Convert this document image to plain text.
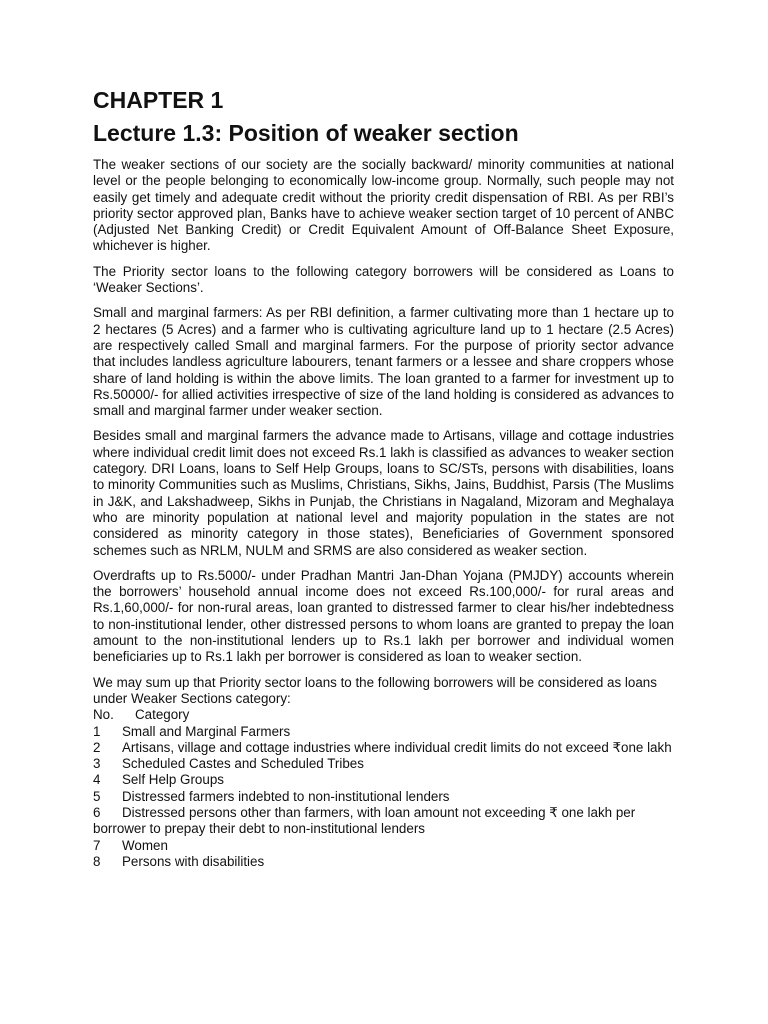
CHAPTER 1
Lecture 1.3: Position of weaker section

The weaker sections of our society are the socially backward/ minority communities at national level or the people belonging to economically low-income group. Normally, such people may not easily get timely and adequate credit without the priority credit dispensation of RBI. As per RBI’s priority sector approved plan, Banks have to achieve weaker section target of 10 percent of ANBC (Adjusted Net Banking Credit) or Credit Equivalent Amount of Off-Balance Sheet Exposure, whichever is higher.

The Priority sector loans to the following category borrowers will be considered as Loans to ‘Weaker Sections’.

Small and marginal farmers: As per RBI definition, a farmer cultivating more than 1 hectare up to 2 hectares (5 Acres) and a farmer who is cultivating agriculture land up to 1 hectare (2.5 Acres) are respectively called Small and marginal farmers. For the purpose of priority sector advance that includes landless agriculture labourers, tenant farmers or a lessee and share croppers whose share of land holding is within the above limits. The loan granted to a farmer for investment up to Rs.50000/- for allied activities irrespective of size of the land holding is considered as advances to small and marginal farmer under weaker section.

Besides small and marginal farmers the advance made to Artisans, village and cottage industries where individual credit limit does not exceed Rs.1 lakh is classified as advances to weaker section category. DRI Loans, loans to Self Help Groups, loans to SC/STs, persons with disabilities, loans to minority Communities such as Muslims, Christians, Sikhs, Jains, Buddhist, Parsis (The Muslims in J&K, and Lakshadweep, Sikhs in Punjab, the Christians in Nagaland, Mizoram and Meghalaya who are minority population at national level and majority population in the states are not considered as minority category in those states), Beneficiaries of Government sponsored schemes such as NRLM, NULM and SRMS are also considered as weaker section.

Overdrafts up to Rs.5000/- under Pradhan Mantri Jan-Dhan Yojana (PMJDY) accounts wherein the borrowers’ household annual income does not exceed Rs.100,000/- for rural areas and Rs.1,60,000/- for non-rural areas, loan granted to distressed farmer to clear his/her indebtedness to non-institutional lender, other distressed persons to whom loans are granted to prepay the loan amount to the non-institutional lenders up to Rs.1 lakh per borrower and individual women beneficiaries up to Rs.1 lakh per borrower is considered as loan to weaker section.

We may sum up that Priority sector loans to the following borrowers will be considered as loans under Weaker Sections category:

No. Category
1 Small and Marginal Farmers
2 Artisans, village and cottage industries where individual credit limits do not exceed ₹one lakh
3 Scheduled Castes and Scheduled Tribes
4 Self Help Groups
5 Distressed farmers indebted to non-institutional lenders
6 Distressed persons other than farmers, with loan amount not exceeding ₹ one lakh per borrower to prepay their debt to non-institutional lenders
7 Women
8 Persons with disabilities
